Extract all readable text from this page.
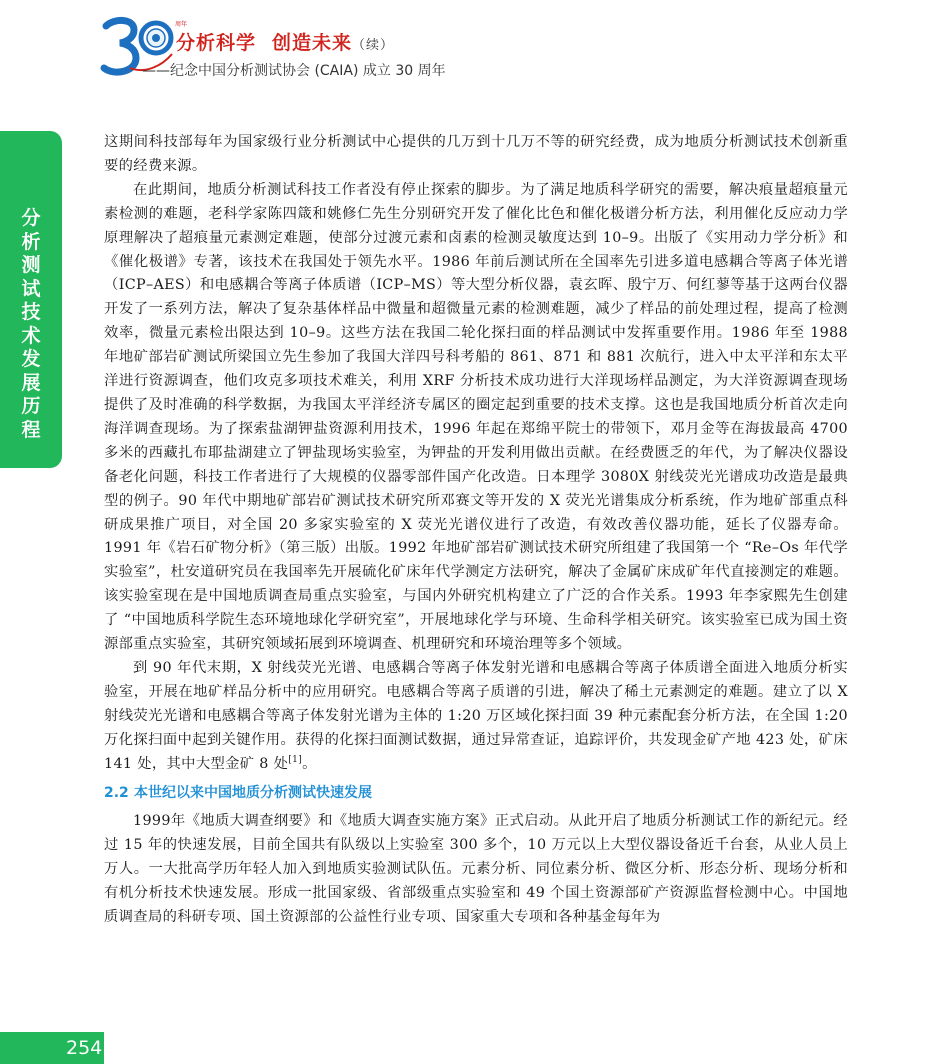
周年
分析科学 创造未来（续）
——纪念中国分析测试协会 (CAIA) 成立 30 周年
分析测试技术发展历程

这期间科技部每年为国家级行业分析测试中心提供的几万到十几万不等的研究经费，成为地质分析测试技术创新重要的经费来源。

在此期间，地质分析测试科技工作者没有停止探索的脚步。为了满足地质科学研究的需要，解决痕量超痕量元素检测的难题，老科学家陈四箴和姚修仁先生分别研究开发了催化比色和催化极谱分析方法，利用催化反应动力学原理解决了超痕量元素测定难题，使部分过渡元素和卤素的检测灵敏度达到 10–9。出版了《实用动力学分析》和《催化极谱》专著，该技术在我国处于领先水平。1986 年前后测试所在全国率先引进多道电感耦合等离子体光谱（ICP–AES）和电感耦合等离子体质谱（ICP–MS）等大型分析仪器，袁玄晖、殷宁万、何红蓼等基于这两台仪器开发了一系列方法，解决了复杂基体样品中微量和超微量元素的检测难题，减少了样品的前处理过程，提高了检测效率，微量元素检出限达到 10–9。这些方法在我国二轮化探扫面的样品测试中发挥重要作用。1986 年至 1988 年地矿部岩矿测试所梁国立先生参加了我国大洋四号科考船的 861、871 和 881 次航行，进入中太平洋和东太平洋进行资源调查，他们攻克多项技术难关，利用 XRF 分析技术成功进行大洋现场样品测定，为大洋资源调查现场提供了及时准确的科学数据，为我国太平洋经济专属区的圈定起到重要的技术支撑。这也是我国地质分析首次走向海洋调查现场。为了探索盐湖钾盐资源利用技术，1996 年起在郑绵平院士的带领下，邓月金等在海拔最高 4700 多米的西藏扎布耶盐湖建立了钾盐现场实验室，为钾盐的开发利用做出贡献。在经费匮乏的年代，为了解决仪器设备老化问题，科技工作者进行了大规模的仪器零部件国产化改造。日本理学 3080X 射线荧光光谱成功改造是最典型的例子。90 年代中期地矿部岩矿测试技术研究所邓赛文等开发的 X 荧光光谱集成分析系统，作为地矿部重点科研成果推广项目，对全国 20 多家实验室的 X 荧光光谱仪进行了改造，有效改善仪器功能，延长了仪器寿命。1991 年《岩石矿物分析》（第三版）出版。1992 年地矿部岩矿测试技术研究所组建了我国第一个 “Re–Os 年代学实验室”，杜安道研究员在我国率先开展硫化矿床年代学测定方法研究，解决了金属矿床成矿年代直接测定的难题。该实验室现在是中国地质调查局重点实验室，与国内外研究机构建立了广泛的合作关系。1993 年李家熙先生创建了 “中国地质科学院生态环境地球化学研究室”，开展地球化学与环境、生命科学相关研究。该实验室已成为国土资源部重点实验室，其研究领域拓展到环境调查、机理研究和环境治理等多个领域。

到 90 年代末期，X 射线荧光光谱、电感耦合等离子体发射光谱和电感耦合等离子体质谱全面进入地质分析实验室，开展在地矿样品分析中的应用研究。电感耦合等离子质谱的引进，解决了稀土元素测定的难题。建立了以 X 射线荧光光谱和电感耦合等离子体发射光谱为主体的 1:20 万区域化探扫面 39 种元素配套分析方法，在全国 1:20 万化探扫面中起到关键作用。获得的化探扫面测试数据，通过异常查证，追踪评价，共发现金矿产地 423 处，矿床 141 处，其中大型金矿 8 处[1]。

2.2 本世纪以来中国地质分析测试快速发展

1999年《地质大调查纲要》和《地质大调查实施方案》正式启动。从此开启了地质分析测试工作的新纪元。经过 15 年的快速发展，目前全国共有队级以上实验室 300 多个，10 万元以上大型仪器设备近千台套，从业人员上万人。一大批高学历年轻人加入到地质实验测试队伍。元素分析、同位素分析、微区分析、形态分析、现场分析和有机分析技术快速发展。形成一批国家级、省部级重点实验室和 49 个国土资源部矿产资源监督检测中心。中国地质调查局的科研专项、国土资源部的公益性行业专项、国家重大专项和各种基金每年为

254
